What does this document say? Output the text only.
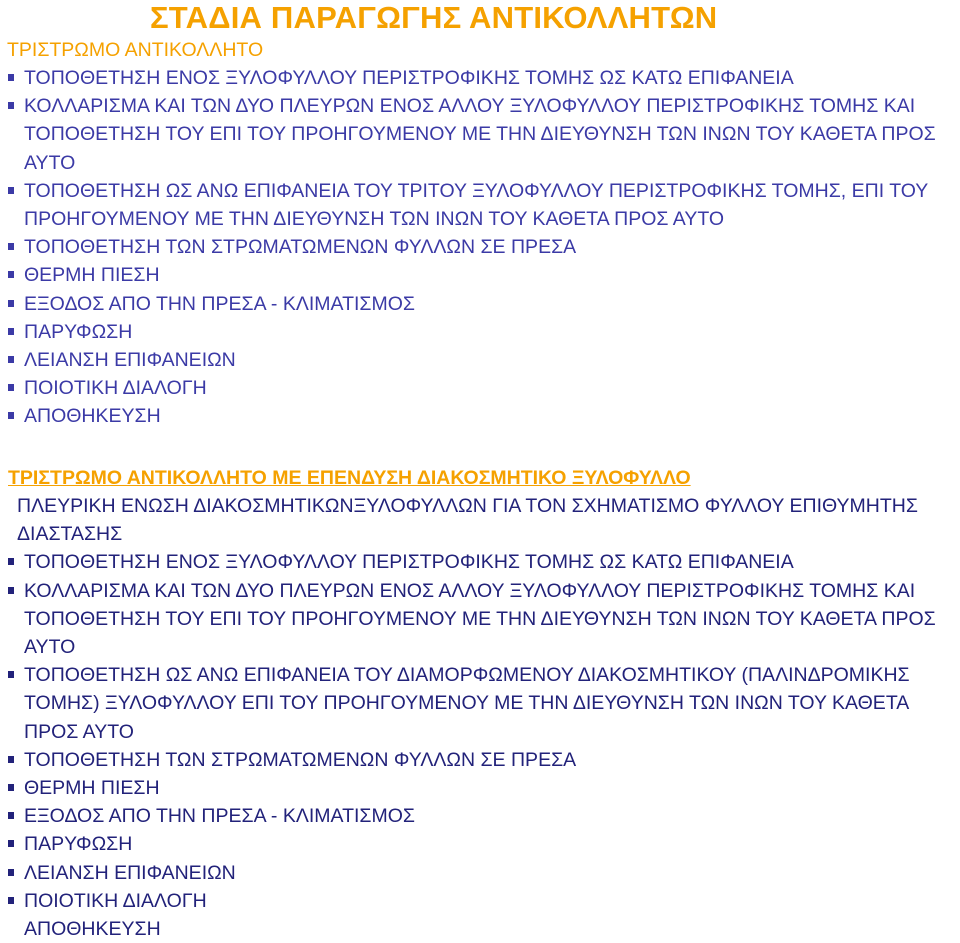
ΣΤΑΔΙΑ ΠΑΡΑΓΩΓΗΣ ΑΝΤΙΚΟΛΛΗΤΩΝ
ΤΡΙΣΤΡΩΜΟ ΑΝΤΙΚΟΛΛΗΤΟ
ΤΟΠΟΘΕΤΗΣΗ ΕΝΟΣ ΞΥΛΟΦΥΛΛΟΥ ΠΕΡΙΣΤΡΟΦΙΚΗΣ ΤΟΜΗΣ ΩΣ ΚΑΤΩ ΕΠΙΦΑΝΕΙΑ
ΚΟΛΛΑΡΙΣΜΑ ΚΑΙ ΤΩΝ ΔΥΟ ΠΛΕΥΡΩΝ ΕΝΟΣ ΑΛΛΟΥ ΞΥΛΟΦΥΛΛΟΥ ΠΕΡΙΣΤΡΟΦΙΚΗΣ ΤΟΜΗΣ ΚΑΙ ΤΟΠΟΘΕΤΗΣΗ ΤΟΥ ΕΠΙ ΤΟΥ ΠΡΟΗΓΟΥΜΕΝΟΥ ΜΕ ΤΗΝ ΔΙΕΥΘΥΝΣΗ ΤΩΝ ΙΝΩΝ ΤΟΥ ΚΑΘΕΤΑ ΠΡΟΣ ΑΥΤΟ
ΤΟΠΟΘΕΤΗΣΗ ΩΣ ΑΝΩ ΕΠΙΦΑΝΕΙΑ ΤΟΥ ΤΡΙΤΟΥ ΞΥΛΟΦΥΛΛΟΥ ΠΕΡΙΣΤΡΟΦΙΚΗΣ ΤΟΜΗΣ, ΕΠΙ ΤΟΥ ΠΡΟΗΓΟΥΜΕΝΟΥ ΜΕ ΤΗΝ ΔΙΕΥΘΥΝΣΗ ΤΩΝ ΙΝΩΝ ΤΟΥ ΚΑΘΕΤΑ ΠΡΟΣ ΑΥΤΟ
ΤΟΠΟΘΕΤΗΣΗ ΤΩΝ ΣΤΡΩΜΑΤΩΜΕΝΩΝ ΦΥΛΛΩΝ ΣΕ ΠΡΕΣΑ
ΘΕΡΜΗ ΠΙΕΣΗ
ΕΞΟΔΟΣ ΑΠΟ ΤΗΝ ΠΡΕΣΑ - ΚΛΙΜΑΤΙΣΜΟΣ
ΠΑΡΥΦΩΣΗ
ΛΕΙΑΝΣΗ ΕΠΙΦΑΝΕΙΩΝ
ΠΟΙΟΤΙΚΗ ΔΙΑΛΟΓΗ
ΑΠΟΘΗΚΕΥΣΗ
ΤΡΙΣΤΡΩΜΟ ΑΝΤΙΚΟΛΛΗΤΟ ΜΕ ΕΠΕΝΔΥΣΗ ΔΙΑΚΟΣΜΗΤΙΚΟ ΞΥΛΟΦΥΛΛΟ
ΠΛΕΥΡΙΚΗ ΕΝΩΣΗ ΔΙΑΚΟΣΜΗΤΙΚΩΝΞΥΛΟΦΥΛΛΩΝ ΓΙΑ ΤΟΝ ΣΧΗΜΑΤΙΣΜΟ ΦΥΛΛΟΥ ΕΠΙΘΥΜΗΤΗΣ ΔΙΑΣΤΑΣΗΣ
ΤΟΠΟΘΕΤΗΣΗ ΕΝΟΣ ΞΥΛΟΦΥΛΛΟΥ ΠΕΡΙΣΤΡΟΦΙΚΗΣ ΤΟΜΗΣ ΩΣ ΚΑΤΩ ΕΠΙΦΑΝΕΙΑ
ΚΟΛΛΑΡΙΣΜΑ ΚΑΙ ΤΩΝ ΔΥΟ ΠΛΕΥΡΩΝ ΕΝΟΣ ΑΛΛΟΥ ΞΥΛΟΦΥΛΛΟΥ ΠΕΡΙΣΤΡΟΦΙΚΗΣ ΤΟΜΗΣ ΚΑΙ ΤΟΠΟΘΕΤΗΣΗ ΤΟΥ ΕΠΙ ΤΟΥ ΠΡΟΗΓΟΥΜΕΝΟΥ ΜΕ ΤΗΝ ΔΙΕΥΘΥΝΣΗ ΤΩΝ ΙΝΩΝ ΤΟΥ ΚΑΘΕΤΑ ΠΡΟΣ ΑΥΤΟ
ΤΟΠΟΘΕΤΗΣΗ ΩΣ ΑΝΩ ΕΠΙΦΑΝΕΙΑ ΤΟΥ ΔΙΑΜΟΡΦΩΜΕΝΟΥ ΔΙΑΚΟΣΜΗΤΙΚΟΥ (ΠΑΛΙΝΔΡΟΜΙΚΗΣ ΤΟΜΗΣ) ΞΥΛΟΦΥΛΛΟΥ ΕΠΙ ΤΟΥ ΠΡΟΗΓΟΥΜΕΝΟΥ ΜΕ ΤΗΝ ΔΙΕΥΘΥΝΣΗ ΤΩΝ ΙΝΩΝ ΤΟΥ ΚΑΘΕΤΑ ΠΡΟΣ ΑΥΤΟ
ΤΟΠΟΘΕΤΗΣΗ ΤΩΝ ΣΤΡΩΜΑΤΩΜΕΝΩΝ ΦΥΛΛΩΝ ΣΕ ΠΡΕΣΑ
ΘΕΡΜΗ ΠΙΕΣΗ
ΕΞΟΔΟΣ ΑΠΟ ΤΗΝ ΠΡΕΣΑ - ΚΛΙΜΑΤΙΣΜΟΣ
ΠΑΡΥΦΩΣΗ
ΛΕΙΑΝΣΗ ΕΠΙΦΑΝΕΙΩΝ
ΠΟΙΟΤΙΚΗ ΔΙΑΛΟΓΗ
ΑΠΟΘΗΚΕΥΣΗ
